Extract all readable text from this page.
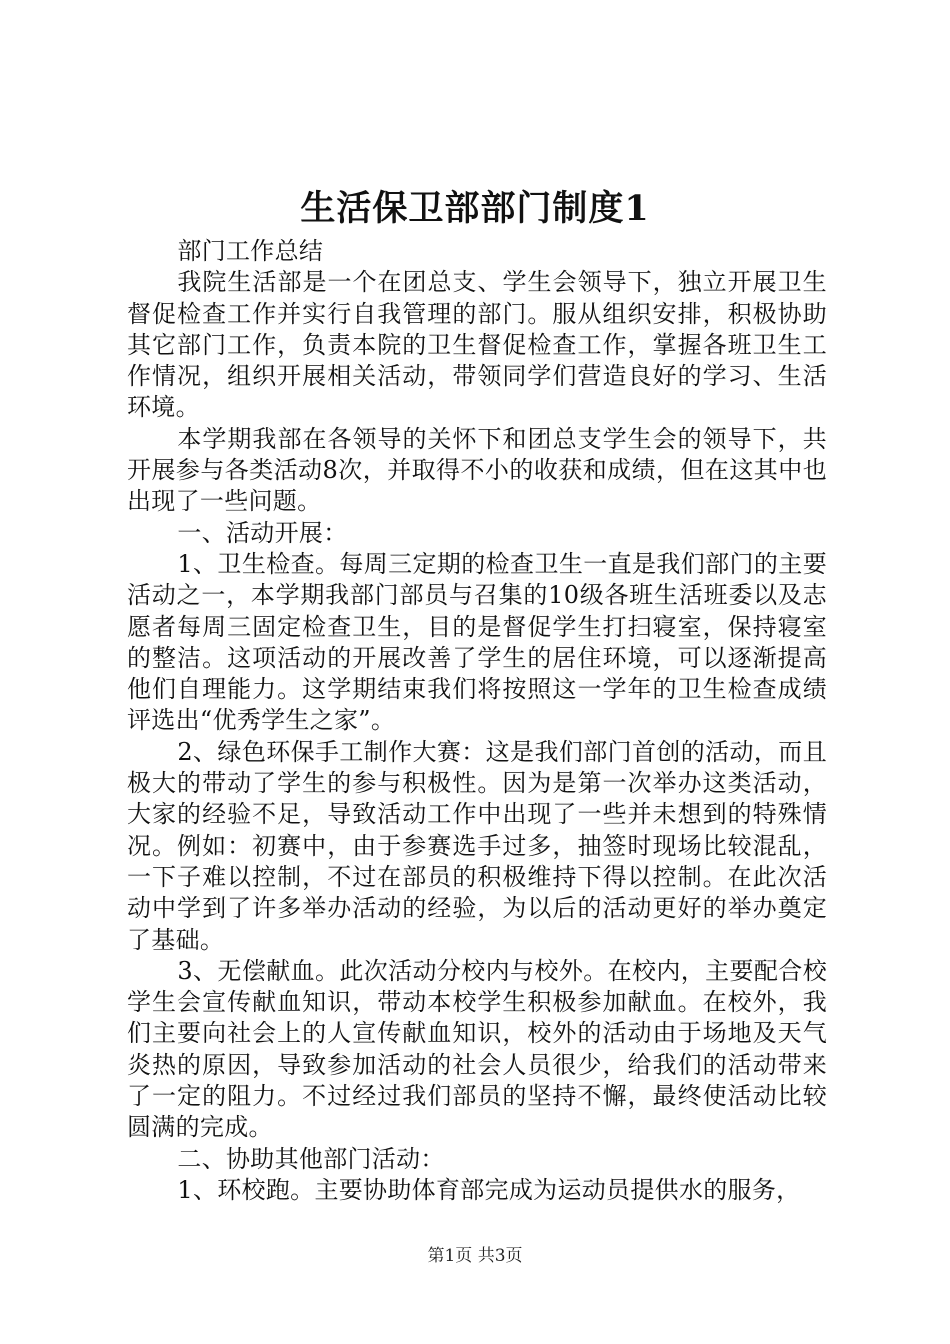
生活保卫部部门制度1

部门工作总结

我院生活部是一个在团总支、学生会领导下，独立开展卫生督促检查工作并实行自我管理的部门。服从组织安排，积极协助其它部门工作，负责本院的卫生督促检查工作，掌握各班卫生工作情况，组织开展相关活动，带领同学们营造良好的学习、生活环境。

本学期我部在各领导的关怀下和团总支学生会的领导下，共开展参与各类活动8次，并取得不小的收获和成绩，但在这其中也出现了一些问题。

一、活动开展：

1、卫生检查。每周三定期的检查卫生一直是我们部门的主要活动之一，本学期我部门部员与召集的10级各班生活班委以及志愿者每周三固定检查卫生，目的是督促学生打扫寝室，保持寝室的整洁。这项活动的开展改善了学生的居住环境，可以逐渐提高他们自理能力。这学期结束我们将按照这一学年的卫生检查成绩评选出“优秀学生之家”。

2、绿色环保手工制作大赛：这是我们部门首创的活动，而且极大的带动了学生的参与积极性。因为是第一次举办这类活动，大家的经验不足，导致活动工作中出现了一些并未想到的特殊情况。例如：初赛中，由于参赛选手过多，抽签时现场比较混乱，一下子难以控制，不过在部员的积极维持下得以控制。在此次活动中学到了许多举办活动的经验，为以后的活动更好的举办奠定了基础。

3、无偿献血。此次活动分校内与校外。在校内，主要配合校学生会宣传献血知识，带动本校学生积极参加献血。在校外，我们主要向社会上的人宣传献血知识，校外的活动由于场地及天气炎热的原因，导致参加活动的社会人员很少，给我们的活动带来了一定的阻力。不过经过我们部员的坚持不懈，最终使活动比较圆满的完成。

二、协助其他部门活动：

1、环校跑。主要协助体育部完成为运动员提供水的服务，

第1页 共3页
